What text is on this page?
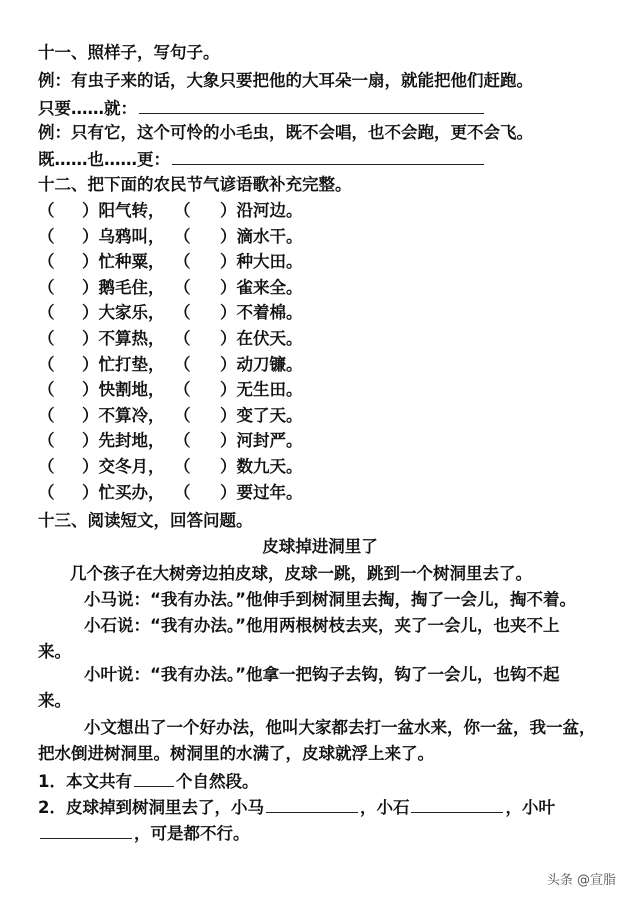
十一、照样子，写句子。
例：有虫子来的话，大象只要把他的大耳朵一扇，就能把他们赶跑。
只要……就：
例：只有它，这个可怜的小毛虫，既不会唱，也不会跑，更不会飞。
既……也……更：
十二、把下面的农民节气谚语歌补充完整。
（ ）阳气转， （ ）沿河边。
（ ）乌鸦叫， （ ）滴水干。
（ ）忙种粟， （ ）种大田。
（ ）鹅毛住， （ ）雀来全。
（ ）大家乐， （ ）不着棉。
（ ）不算热， （ ）在伏天。
（ ）忙打垫， （ ）动刀镰。
（ ）快割地， （ ）无生田。
（ ）不算冷， （ ）变了天。
（ ）先封地， （ ）河封严。
（ ）交冬月， （ ）数九天。
（ ）忙买办， （ ）要过年。
十三、阅读短文，回答问题。
皮球掉进洞里了
几个孩子在大树旁边拍皮球，皮球一跳，跳到一个树洞里去了。
小马说：“我有办法。”他伸手到树洞里去掏，掏了一会儿，掏不着。
小石说：“我有办法。”他用两根树枝去夹，夹了一会儿，也夹不上
来。
小叶说：“我有办法。”他拿一把钩子去钩，钩了一会儿，也钩不起
来。
小文想出了一个好办法，他叫大家都去打一盆水来，你一盆，我一盆，
把水倒进树洞里。树洞里的水满了，皮球就浮上来了。
1．本文共有	个自然段。
2．皮球掉到树洞里去了，小马	，小石	，小叶
，可是都不行。
头条 @宣脂
